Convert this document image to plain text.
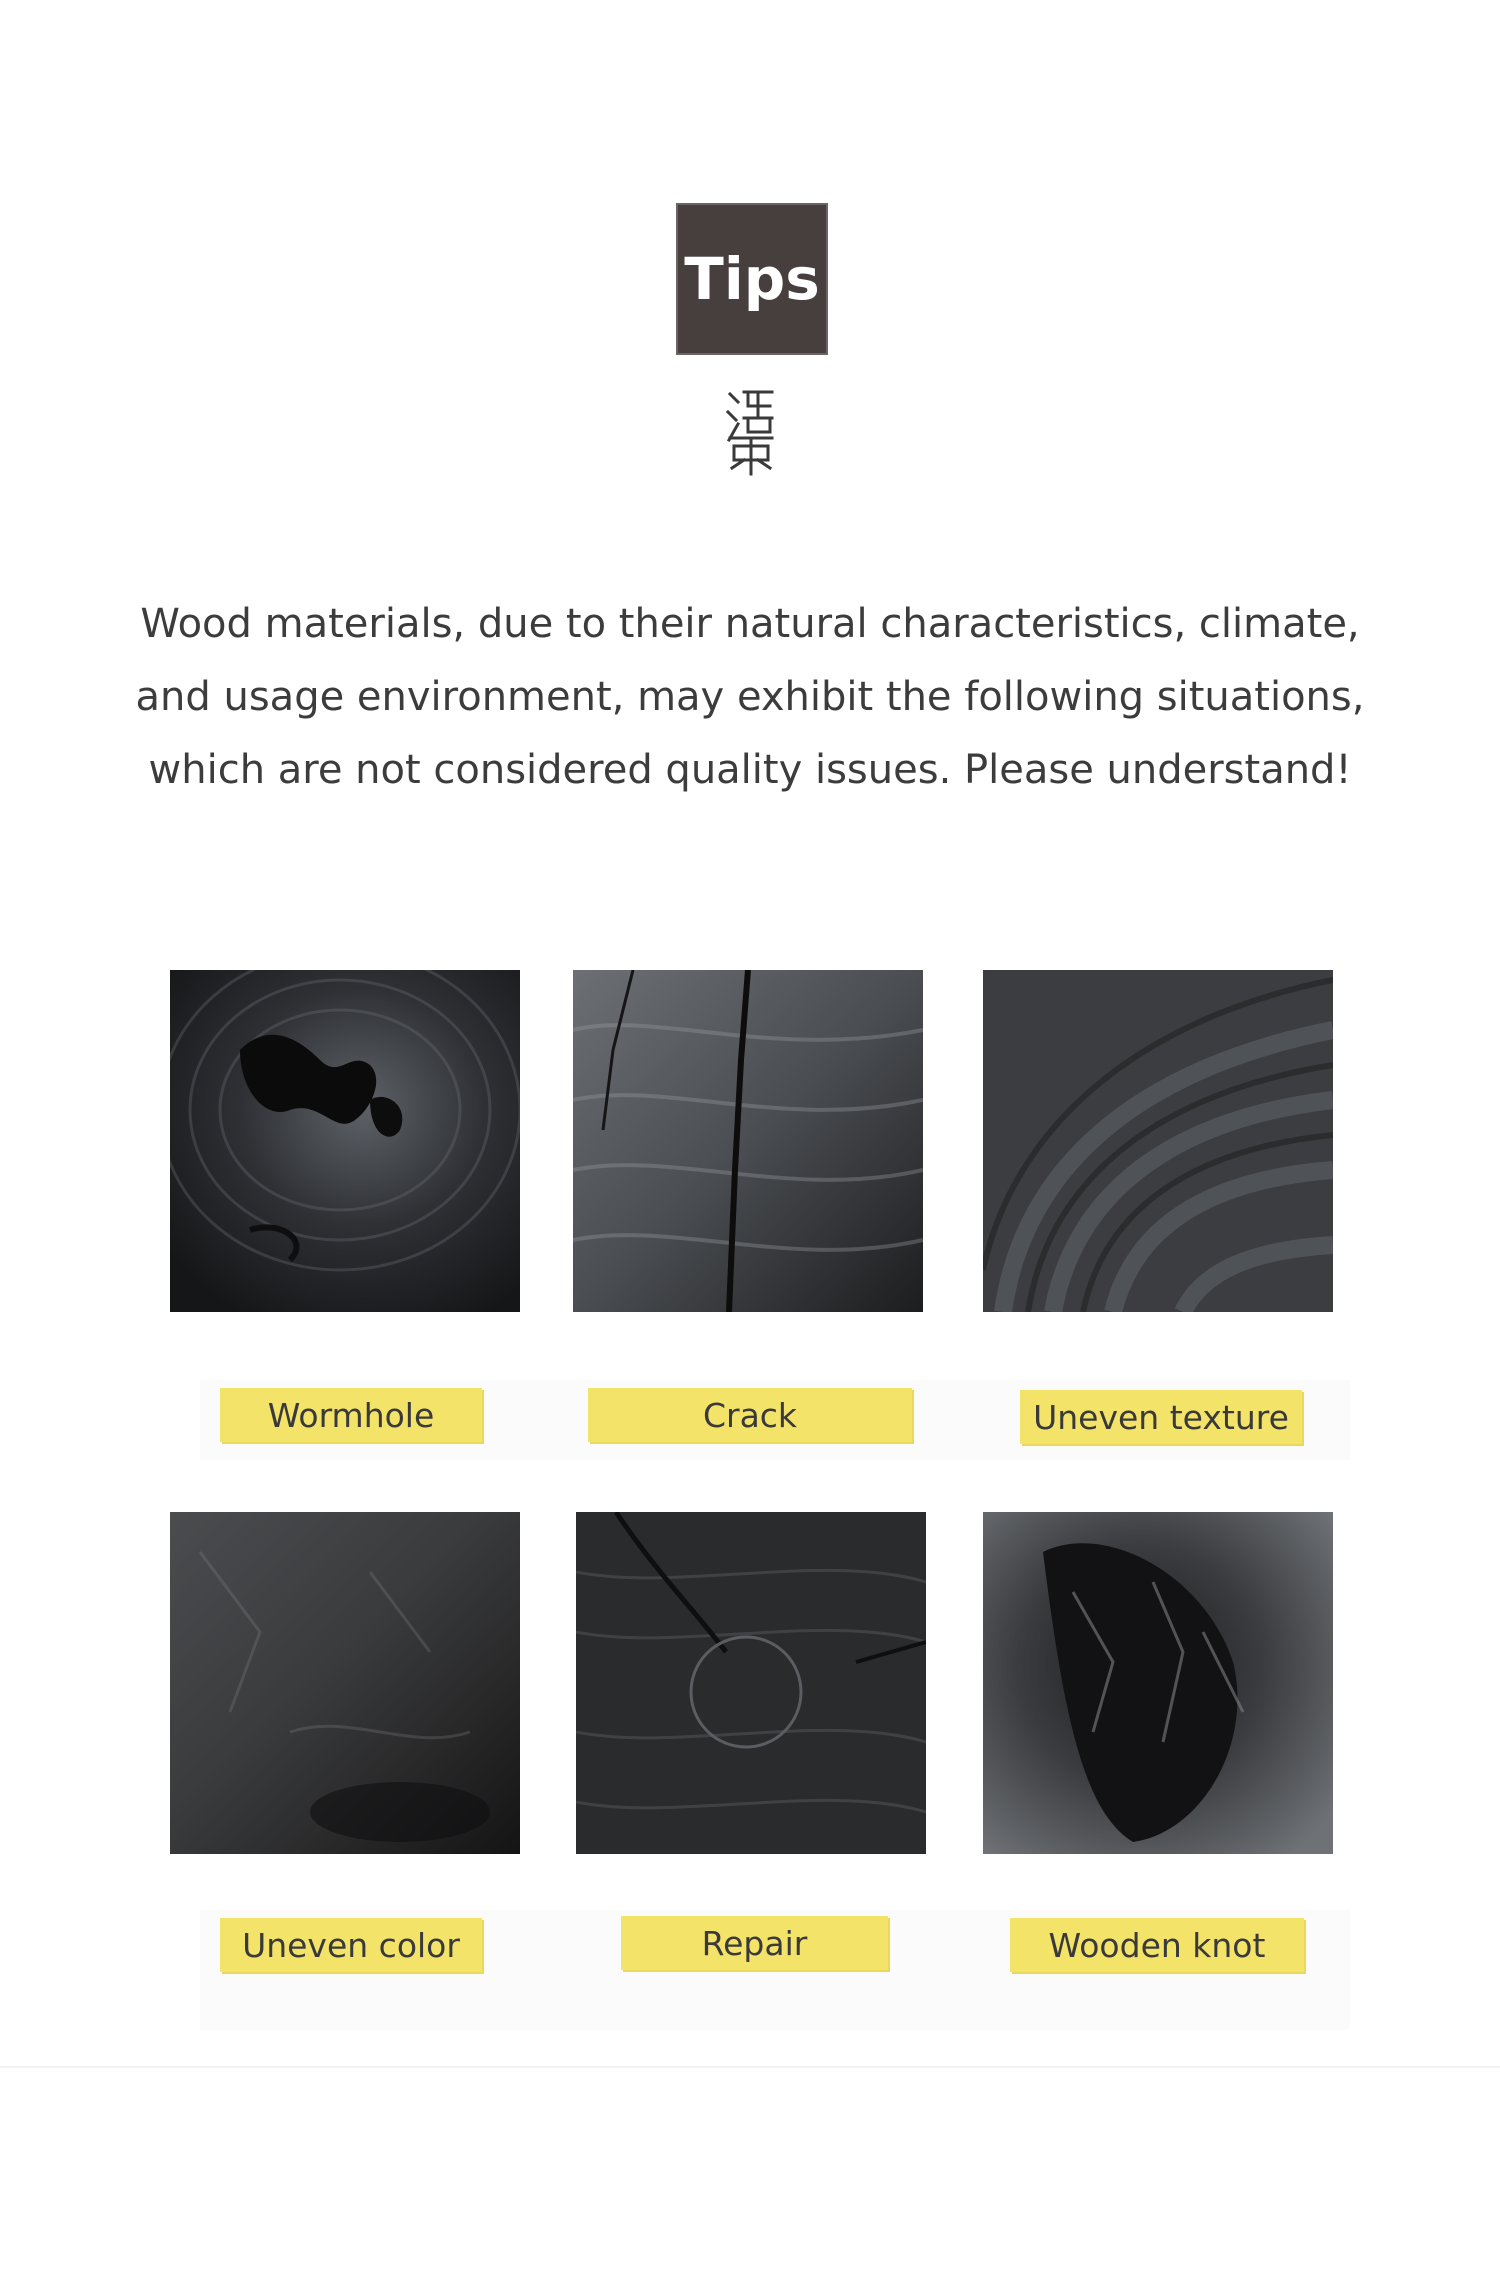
Tips

Wood materials, due to their natural characteristics, climate,

and usage environment, may exhibit the following situations,

which are not considered quality issues. Please understand!

Wormhole	Crack	Uneven texture
Uneven color	Repair	Wooden knot
